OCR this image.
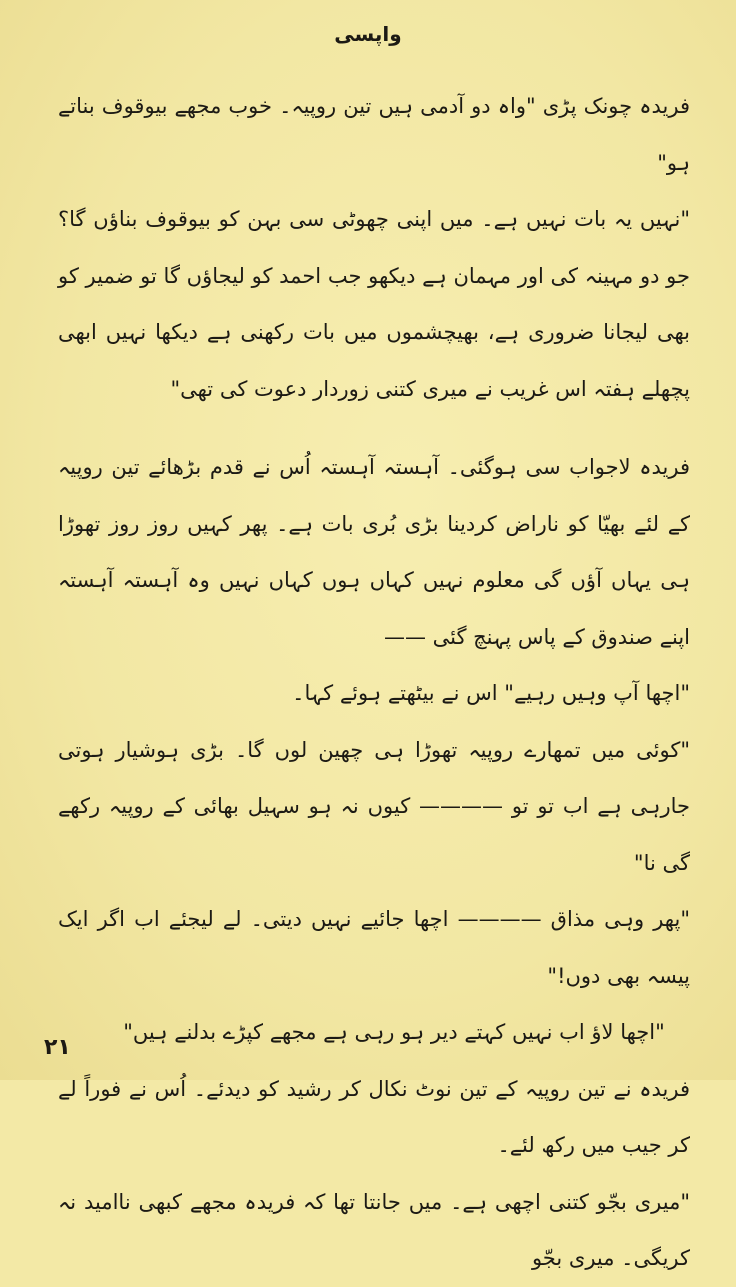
واپسی

فریدہ چونک پڑی "واہ دو آدمی ہیں تین روپیہ۔ خوب مجھے بیوقوف بناتے ہو"

"نہیں یہ بات نہیں ہے۔ میں اپنی چھوٹی سی بہن کو بیوقوف بناؤں گا؟ جو دو مہینہ کی اور مہمان ہے دیکھو جب احمد کو لیجاؤں گا تو ضمیر کو بھی لیجانا ضروری ہے، بھیچشموں میں بات رکھنی ہے دیکھا نہیں ابھی پچھلے ہفتہ اس غریب نے میری کتنی زوردار دعوت کی تھی"

فریدہ لاجواب سی ہوگئی۔ آہستہ آہستہ اُس نے قدم بڑھائے تین روپیہ کے لئے بھیّا کو ناراض کردینا بڑی بُری بات ہے۔ پھر کہیں روز روز تھوڑا ہی یہاں آؤں گی معلوم نہیں کہاں ہوں کہاں نہیں وہ آہستہ آہستہ اپنے صندوق کے پاس پہنچ گئی ——

"اچھا آپ وہیں رہیے" اس نے بیٹھتے ہوئے کہا۔

"کوئی میں تمھارے روپیہ تھوڑا ہی چھین لوں گا۔ بڑی ہوشیار ہوتی جارہی ہے اب تو تو ———— کیوں نہ ہو سہیل بھائی کے روپیہ رکھے گی نا"

"پھر وہی مذاق ———— اچھا جائیے نہیں دیتی۔ لے لیجئے اب اگر ایک پیسہ بھی دوں!"

"اچھا لاؤ اب نہیں کہتے دیر ہو رہی ہے مجھے کپڑے بدلنے ہیں"

فریدہ نے تین روپیہ کے تین نوٹ نکال کر رشید کو دیدئے۔ اُس نے فوراً لے کر جیب میں رکھ لئے۔

"میری بجّو کتنی اچھی ہے۔ میں جانتا تھا کہ فریدہ مجھے کبھی ناامید نہ کریگی۔ میری بجّو

٢١
